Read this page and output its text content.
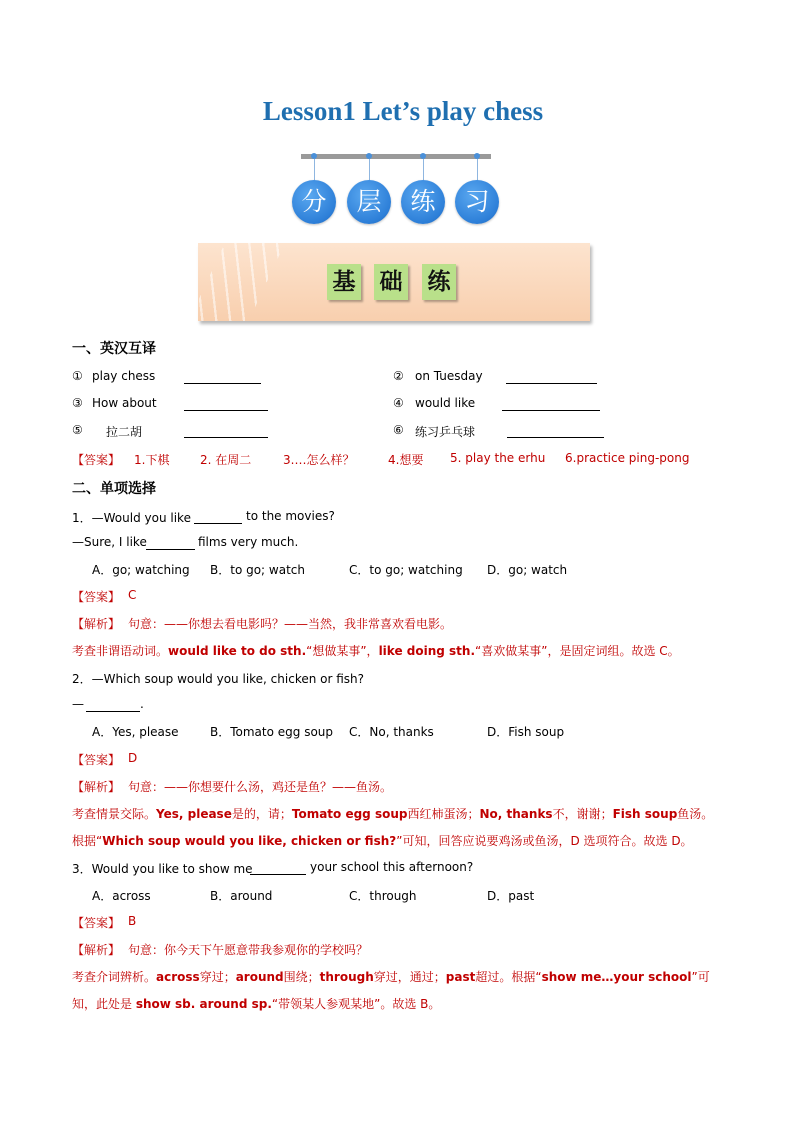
Lesson1 Let’s play chess
分	层	练	习
基 础 练
一、英汉互译
① play chess	② on Tuesday
③ How about	④ would like
⑤ 拉二胡	⑥ 练习乒乓球
【答案】 1.下棋	2. 在周二	3.…怎么样？	4.想要 5. play the erhu 6.practice ping-pong
二、单项选择
1．—Would you like	to the movies?
—Sure, I like	films very much.
A．go; watching B．to go; watch	C．to go; watching D．go; watch
【答案】 C
【解析】 句意：——你想去看电影吗？——当然，我非常喜欢看电影。
考查非谓语动词。would like to do sth.“想做某事”，like doing sth.“喜欢做某事”，是固定词组。故选 C。
2．—Which soup would you like, chicken or fish?
—	.
A．Yes, please	B．Tomato egg soup C．No, thanks	D．Fish soup
【答案】 D
【解析】 句意：——你想要什么汤，鸡还是鱼？——鱼汤。
考查情景交际。Yes, please是的，请；Tomato egg soup西红柿蛋汤；No, thanks不，谢谢；Fish soup鱼汤。
根据“Which soup would you like, chicken or fish?”可知，回答应说要鸡汤或鱼汤，D 选项符合。故选 D。
3．Would you like to show me	your school this afternoon?
A．across	B．around	C．through	D．past
【答案】 B
【解析】 句意：你今天下午愿意带我参观你的学校吗？
考查介词辨析。across穿过；around围绕；through穿过，通过；past超过。根据“show me…your school”可
知，此处是 show sb. around sp.“带领某人参观某地”。故选 B。
